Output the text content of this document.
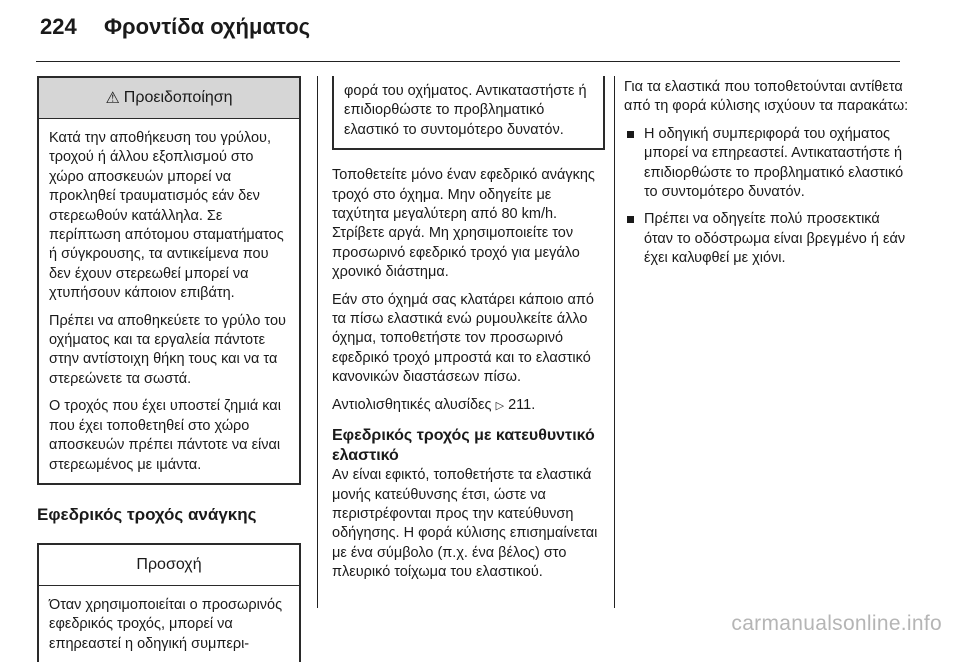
224 Φροντίδα οχήματος
⚠ Προειδοποίηση

Κατά την αποθήκευση του γρύλου, τροχού ή άλλου εξοπλισμού στο χώρο αποσκευών μπορεί να προκληθεί τραυματισμός εάν δεν στερεωθούν κατάλληλα. Σε περίπτωση απότομου σταματήματος ή σύγκρουσης, τα αντικείμενα που δεν έχουν στερεωθεί μπορεί να χτυπήσουν κάποιον επιβάτη.

Πρέπει να αποθηκεύετε το γρύλο του οχήματος και τα εργαλεία πάντοτε στην αντίστοιχη θήκη τους και να τα στερεώνετε τα σωστά.

Ο τροχός που έχει υποστεί ζημιά και που έχει τοποθετηθεί στο χώρο αποσκευών πρέπει πάντοτε να είναι στερεωμένος με ιμάντα.

Εφεδρικός τροχός ανάγκης
Προσοχή

Όταν χρησιμοποιείται ο προσωρινός εφεδρικός τροχός, μπορεί να επηρεαστεί η οδηγική συμπερι-

φορά του οχήματος. Αντικαταστήστε ή επιδιορθώστε το προβληματικό ελαστικό το συντομότερο δυνατόν.

Τοποθετείτε μόνο έναν εφεδρικό ανάγκης τροχό στο όχημα. Μην οδηγείτε με ταχύτητα μεγαλύτερη από 80 km/h. Στρίβετε αργά. Μη χρησιμοποιείτε τον προσωρινό εφεδρικό τροχό για μεγάλο χρονικό διάστημα.

Εάν στο όχημά σας κλατάρει κάποιο από τα πίσω ελαστικά ενώ ρυμουλκείτε άλλο όχημα, τοποθετήστε τον προσωρινό εφεδρικό τροχό μπροστά και το ελαστικό κανονικών διαστάσεων πίσω.

Αντιολισθητικές αλυσίδες ▷ 211.

Εφεδρικός τροχός με κατευθυντικό ελαστικό

Αν είναι εφικτό, τοποθετήστε τα ελαστικά μονής κατεύθυνσης έτσι, ώστε να περιστρέφονται προς την κατεύθυνση οδήγησης. Η φορά κύλισης επισημαίνεται με ένα σύμβολο (π.χ. ένα βέλος) στο πλευρικό τοίχωμα του ελαστικού.

Για τα ελαστικά που τοποθετούνται αντίθετα από τη φορά κύλισης ισχύουν τα παρακάτω:

Η οδηγική συμπεριφορά του οχήματος μπορεί να επηρεαστεί. Αντικαταστήστε ή επιδιορθώστε το προβληματικό ελαστικό το συντομότερο δυνατόν.
Πρέπει να οδηγείτε πολύ προσεκτικά όταν το οδόστρωμα είναι βρεγμένο ή εάν έχει καλυφθεί με χιόνι.
carmanualsonline.info
